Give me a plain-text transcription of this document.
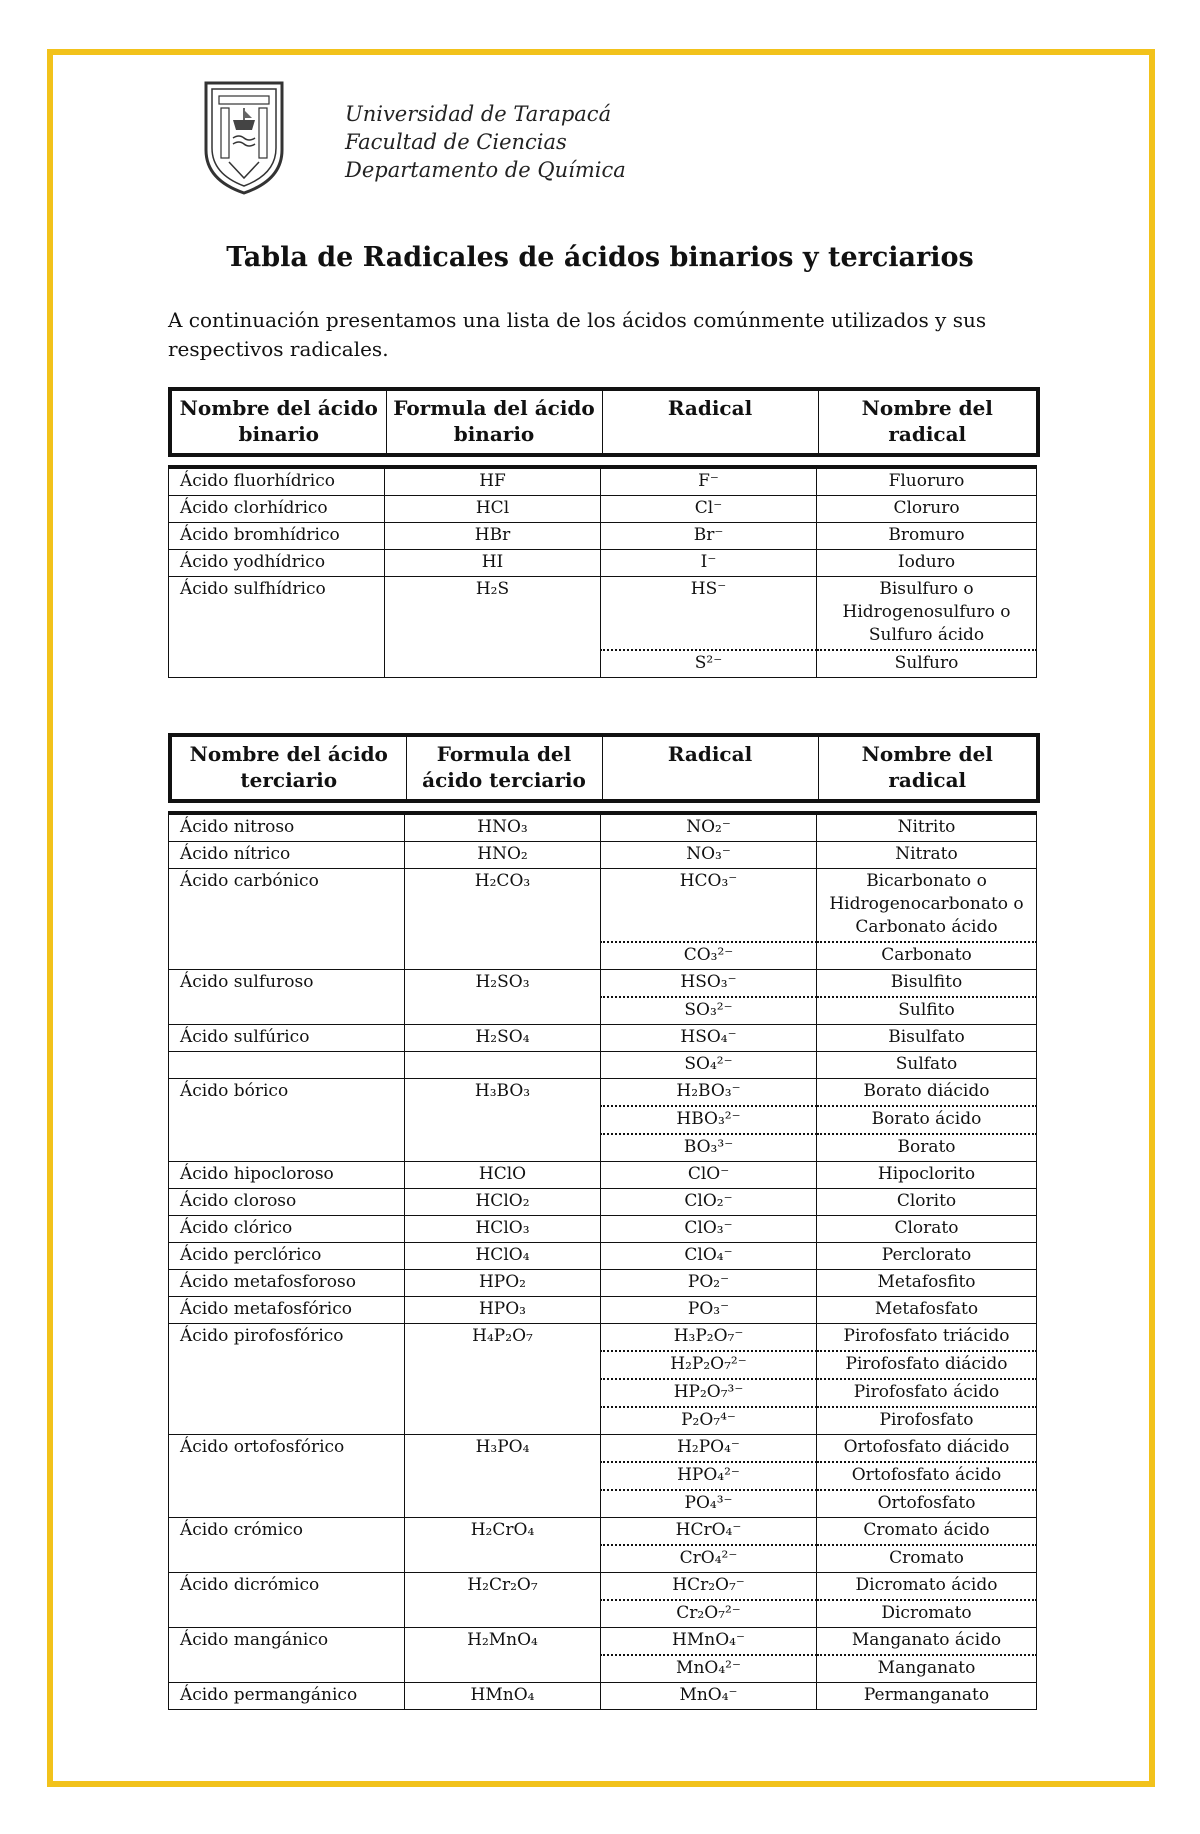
Universidad de Tarapacá
Facultad de Ciencias
Departamento de Química
Tabla de Radicales de ácidos binarios y terciarios
A continuación presentamos una lista de los ácidos comúnmente utilizados y sus respectivos radicales.
Nombre del ácido binario	Formula del ácido binario	Radical	Nombre del radical
Ácido fluorhídrico	HF	F⁻	Fluoruro
Ácido clorhídrico	HCl	Cl⁻	Cloruro
Ácido bromhídrico	HBr	Br⁻	Bromuro
Ácido yodhídrico	HI	I⁻	Ioduro
Ácido sulfhídrico	H₂S	HS⁻	Bisulfuro o Hidrogenosulfuro o Sulfuro ácido
		S²⁻	Sulfuro
Nombre del ácido terciario	Formula del ácido terciario	Radical	Nombre del radical
Ácido nitroso	HNO₃	NO₂⁻	Nitrito
Ácido nítrico	HNO₂	NO₃⁻	Nitrato
Ácido carbónico	H₂CO₃	HCO₃⁻	Bicarbonato o Hidrogenocarbonato o Carbonato ácido
		CO₃²⁻	Carbonato
Ácido sulfuroso	H₂SO₃	HSO₃⁻	Bisulfito
		SO₃²⁻	Sulfito
Ácido sulfúrico	H₂SO₄	HSO₄⁻	Bisulfato
		SO₄²⁻	Sulfato
Ácido bórico	H₃BO₃	H₂BO₃⁻	Borato diácido
		HBO₃²⁻	Borato ácido
		BO₃³⁻	Borato
Ácido hipocloroso	HClO	ClO⁻	Hipoclorito
Ácido cloroso	HClO₂	ClO₂⁻	Clorito
Ácido clórico	HClO₃	ClO₃⁻	Clorato
Ácido perclórico	HClO₄	ClO₄⁻	Perclorato
Ácido metafosforoso	HPO₂	PO₂⁻	Metafosfito
Ácido metafosfórico	HPO₃	PO₃⁻	Metafosfato
Ácido pirofosfórico	H₄P₂O₇	H₃P₂O₇⁻	Pirofosfato triácido
		H₂P₂O₇²⁻	Pirofosfato diácido
		HP₂O₇³⁻	Pirofosfato ácido
		P₂O₇⁴⁻	Pirofosfato
Ácido ortofosfórico	H₃PO₄	H₂PO₄⁻	Ortofosfato diácido
		HPO₄²⁻	Ortofosfato ácido
		PO₄³⁻	Ortofosfato
Ácido crómico	H₂CrO₄	HCrO₄⁻	Cromato ácido
		CrO₄²⁻	Cromato
Ácido dicrómico	H₂Cr₂O₇	HCr₂O₇⁻	Dicromato ácido
		Cr₂O₇²⁻	Dicromato
Ácido mangánico	H₂MnO₄	HMnO₄⁻	Manganato ácido
		MnO₄²⁻	Manganato
Ácido permangánico	HMnO₄	MnO₄⁻	Permanganato
